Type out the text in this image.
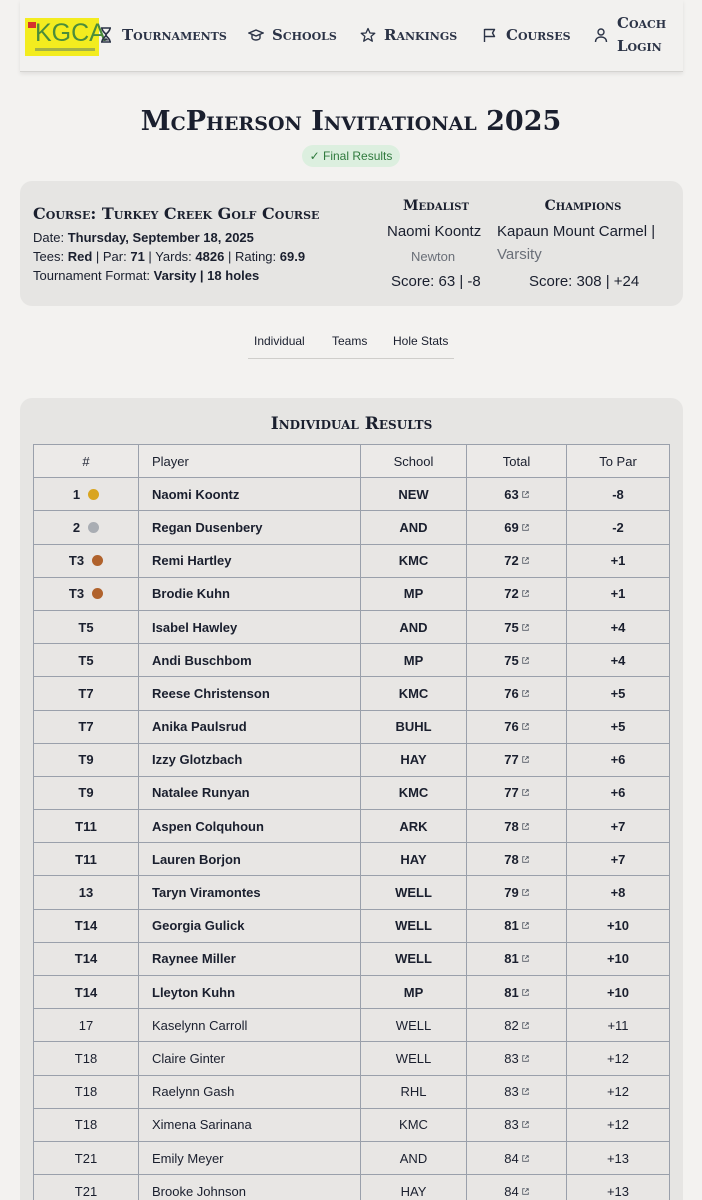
KGCA Tournaments	Schools	Rankings	Courses
Coach
Login
McPherson Invitational 2025
✓ Final Results
Course: Turkey Creek Golf Course
Date: Thursday, September 18, 2025
Tees: Red | Par: 71 | Yards: 4826 | Rating: 69.9
Tournament Format: Varsity | 18 holes
Medalist
Naomi Koontz
Newton
Score: 63 | -8
Champions
Kapaun Mount Carmel |
Varsity
Score: 308 | +24
Individual Teams Hole Stats
Individual Results
#	Player	School	Total	To Par
1	Naomi Koontz	NEW	63	-8
2	Regan Dusenbery	AND	69	-2
T3	Remi Hartley	KMC	72	+1
T3	Brodie Kuhn	MP	72	+1
T5	Isabel Hawley	AND	75	+4
T5	Andi Buschbom	MP	75	+4
T7	Reese Christenson	KMC	76	+5
T7	Anika Paulsrud	BUHL	76	+5
T9	Izzy Glotzbach	HAY	77	+6
T9	Natalee Runyan	KMC	77	+6
T11	Aspen Colquhoun	ARK	78	+7
T11	Lauren Borjon	HAY	78	+7
13	Taryn Viramontes	WELL	79	+8
T14	Georgia Gulick	WELL	81	+10
T14	Raynee Miller	WELL	81	+10
T14	Lleyton Kuhn	MP	81	+10
17	Kaselynn Carroll	WELL	82	+11
T18	Claire Ginter	WELL	83	+12
T18	Raelynn Gash	RHL	83	+12
T18	Ximena Sarinana	KMC	83	+12
T21	Emily Meyer	AND	84	+13
T21	Brooke Johnson	HAY	84	+13
